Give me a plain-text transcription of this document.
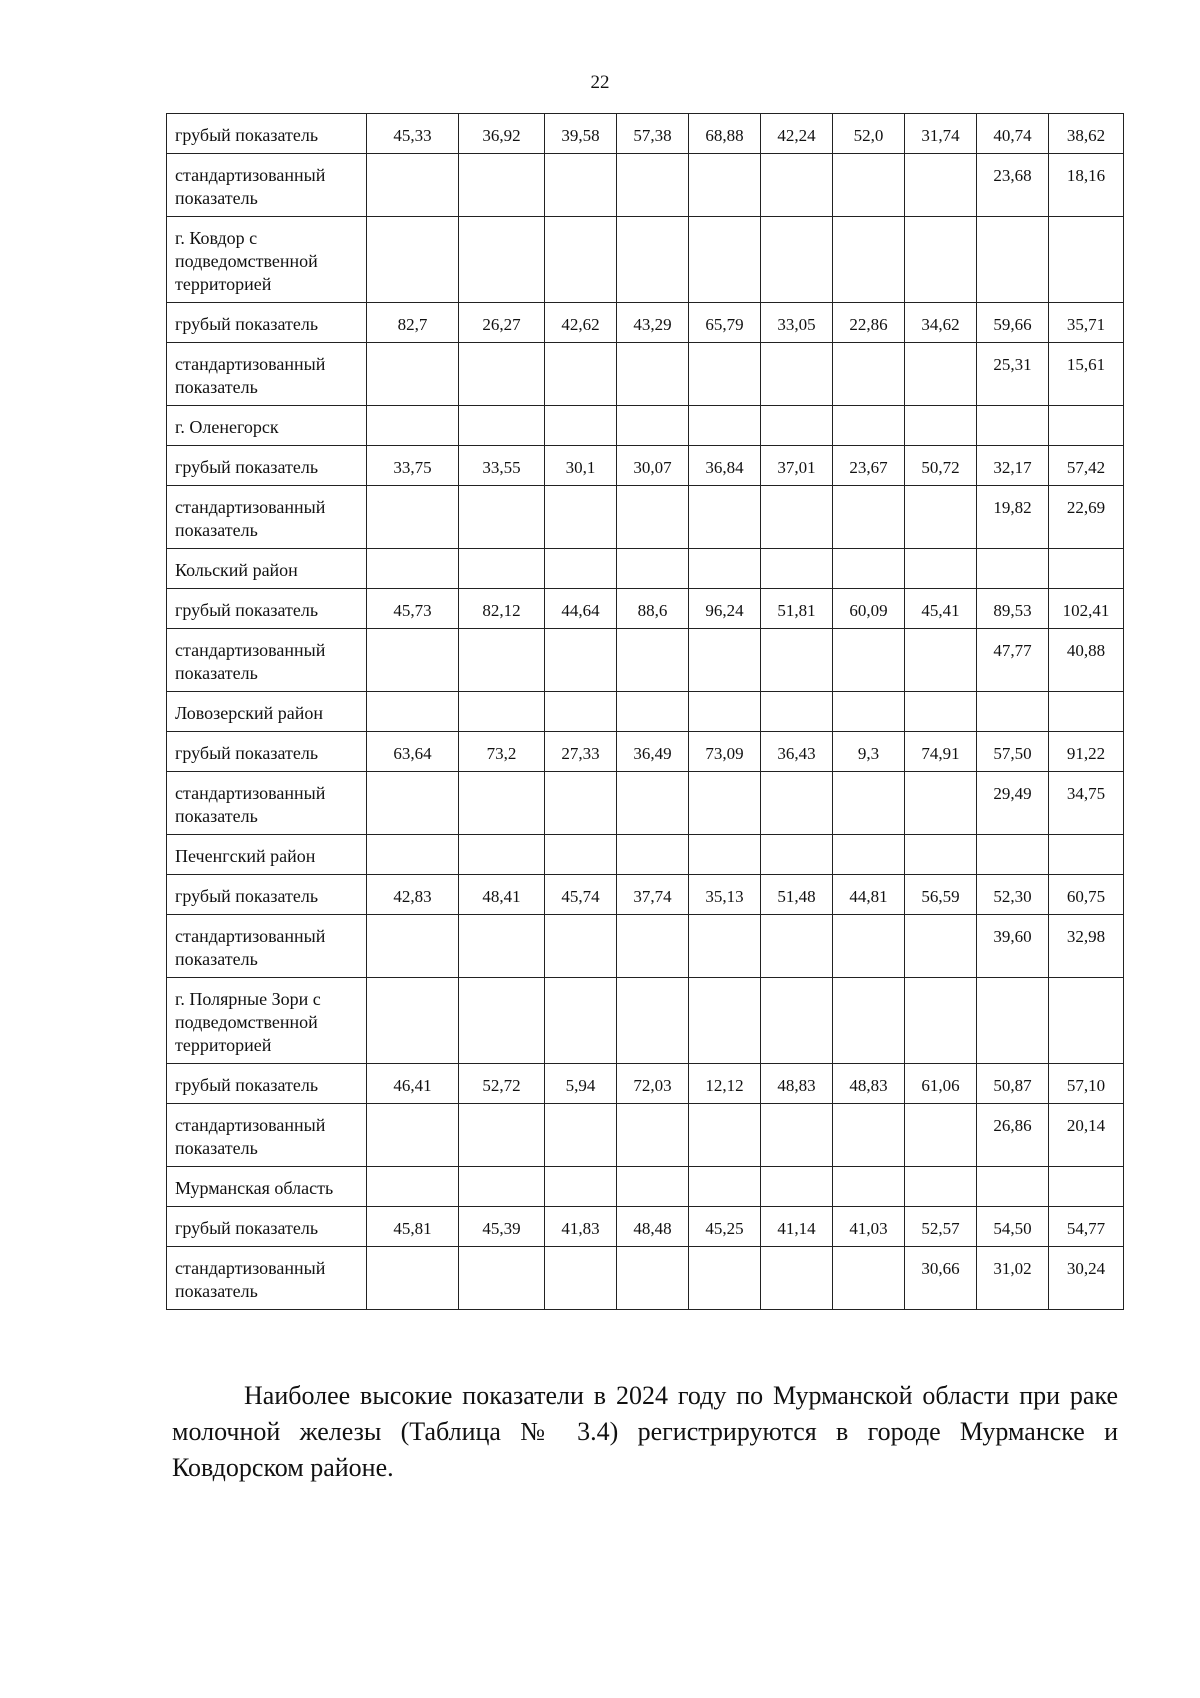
22
грубый показатель	45,33	36,92	39,58	57,38	68,88	42,24	52,0	31,74	40,74	38,62
стандартизованный показатель									23,68	18,16
г. Ковдор с подведомственной территорией										
грубый показатель	82,7	26,27	42,62	43,29	65,79	33,05	22,86	34,62	59,66	35,71
стандартизованный показатель									25,31	15,61
г. Оленегорск										
грубый показатель	33,75	33,55	30,1	30,07	36,84	37,01	23,67	50,72	32,17	57,42
стандартизованный показатель									19,82	22,69
Кольский район										
грубый показатель	45,73	82,12	44,64	88,6	96,24	51,81	60,09	45,41	89,53	102,41
стандартизованный показатель									47,77	40,88
Ловозерский район										
грубый показатель	63,64	73,2	27,33	36,49	73,09	36,43	9,3	74,91	57,50	91,22
стандартизованный показатель									29,49	34,75
Печенгский район										
грубый показатель	42,83	48,41	45,74	37,74	35,13	51,48	44,81	56,59	52,30	60,75
стандартизованный показатель									39,60	32,98
г. Полярные Зори с подведомственной территорией										
грубый показатель	46,41	52,72	5,94	72,03	12,12	48,83	48,83	61,06	50,87	57,10
стандартизованный показатель									26,86	20,14
Мурманская область										
грубый показатель	45,81	45,39	41,83	48,48	45,25	41,14	41,03	52,57	54,50	54,77
стандартизованный показатель								30,66	31,02	30,24
Наиболее высокие показатели в 2024 году по Мурманской области при раке молочной железы (Таблица № 3.4) регистрируются в городе Мурманске и Ковдорском районе.
